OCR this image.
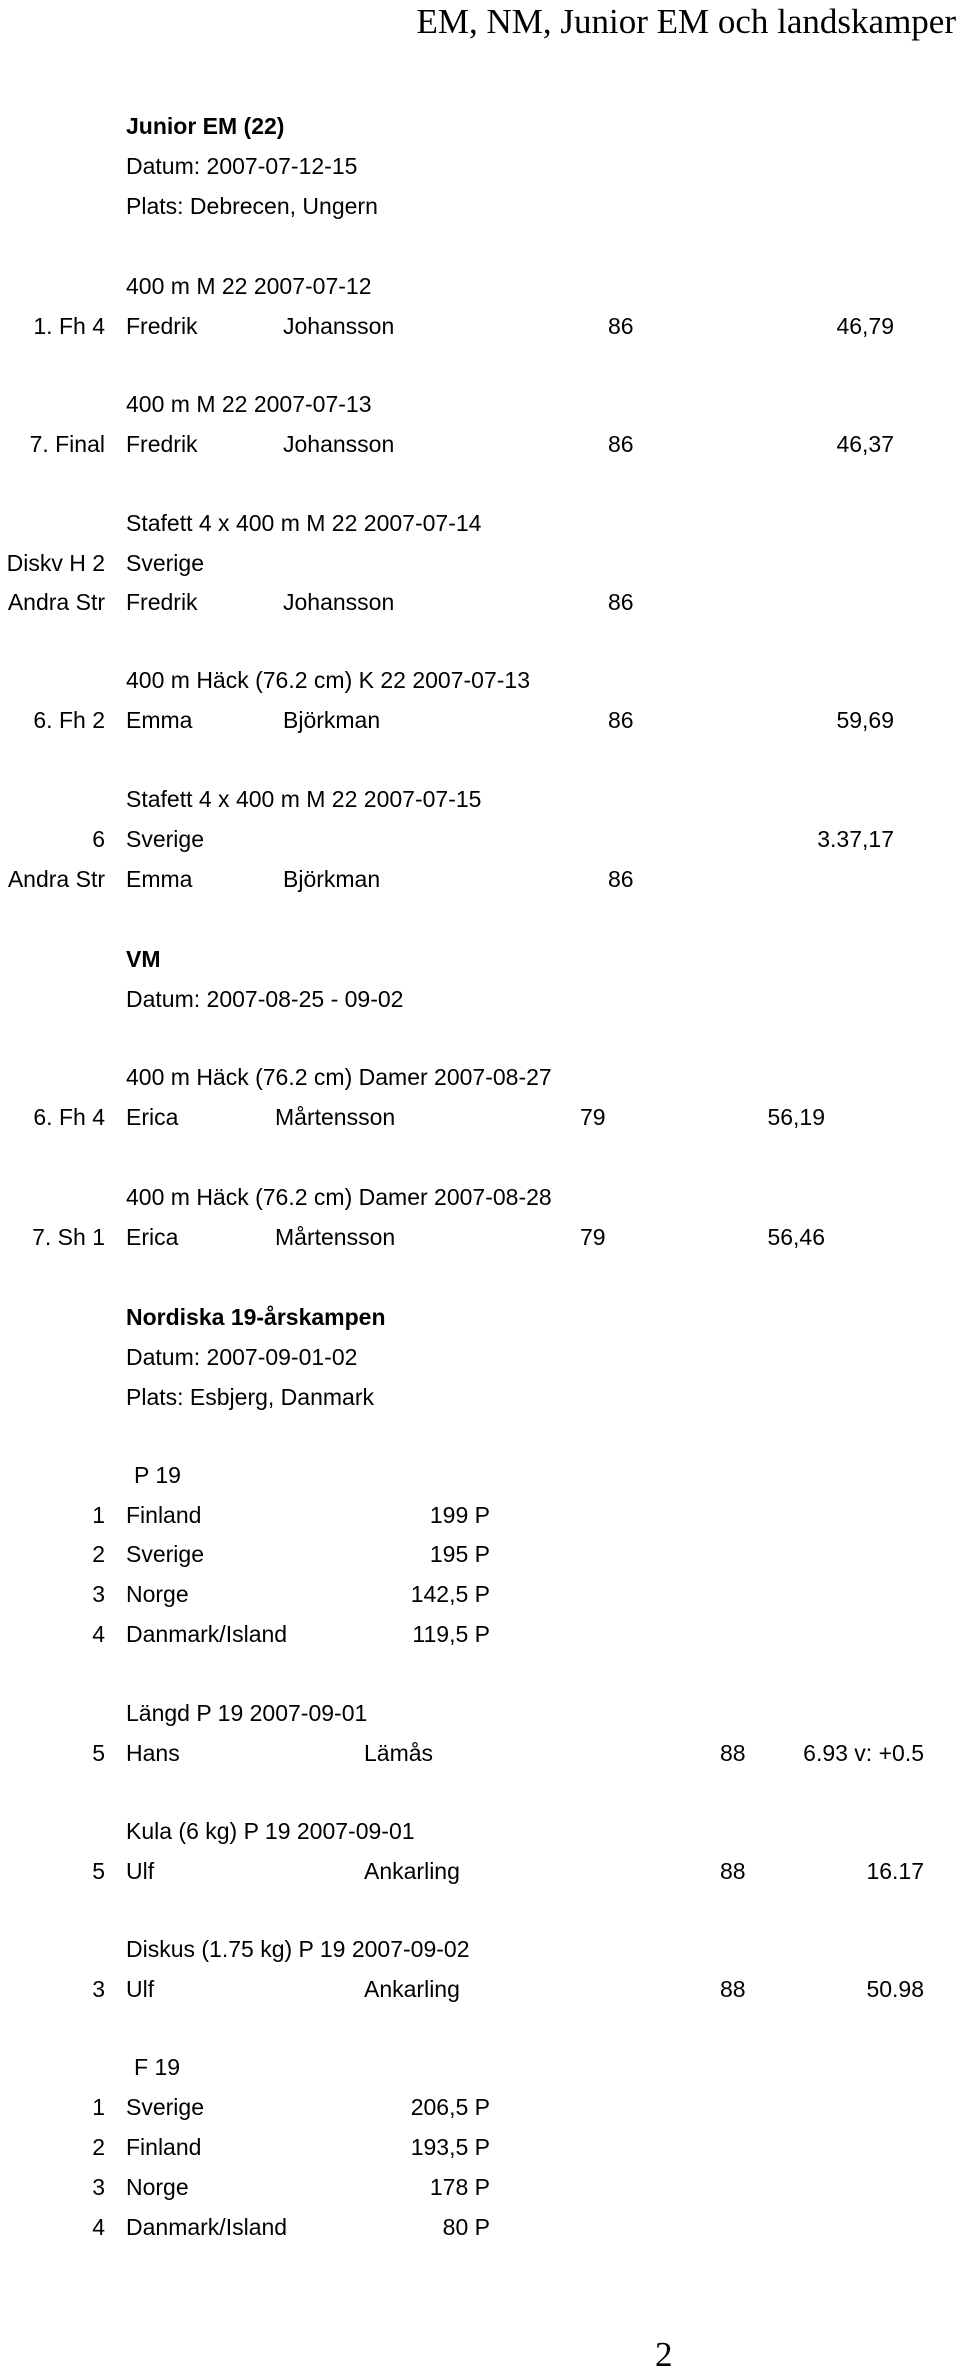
EM, NM, Junior EM och landskamper
Junior EM (22)
Datum: 2007-07-12-15
Plats: Debrecen, Ungern
400 m M 22 2007-07-12
1. Fh 4 Fredrik	Johansson	86	46,79
400 m M 22 2007-07-13
7. Final Fredrik	Johansson	86	46,37
Stafett 4 x 400 m M 22 2007-07-14
Diskv H 2 Sverige
Andra Str Fredrik	Johansson	86
400 m Häck (76.2 cm) K 22 2007-07-13
6. Fh 2 Emma	Björkman	86	59,69
Stafett 4 x 400 m M 22 2007-07-15
6 Sverige	3.37,17
Andra Str Emma	Björkman	86
VM
Datum: 2007-08-25 - 09-02
400 m Häck (76.2 cm) Damer 2007-08-27
6. Fh 4 Erica	Mårtensson	79	56,19
400 m Häck (76.2 cm) Damer 2007-08-28
7. Sh 1 Erica	Mårtensson	79	56,46
Nordiska 19-årskampen
Datum: 2007-09-01-02
Plats: Esbjerg, Danmark
P 19
1 Finland	199 P
2 Sverige	195 P
3 Norge	142,5 P
4 Danmark/Island	119,5 P
Längd P 19 2007-09-01
5 Hans	Lämås	88	6.93 v: +0.5
Kula (6 kg) P 19 2007-09-01
5 Ulf	Ankarling	88	16.17
Diskus (1.75 kg) P 19 2007-09-02
3 Ulf	Ankarling	88	50.98
F 19
1 Sverige	206,5 P
2 Finland	193,5 P
3 Norge	178 P
4 Danmark/Island	80 P
2
